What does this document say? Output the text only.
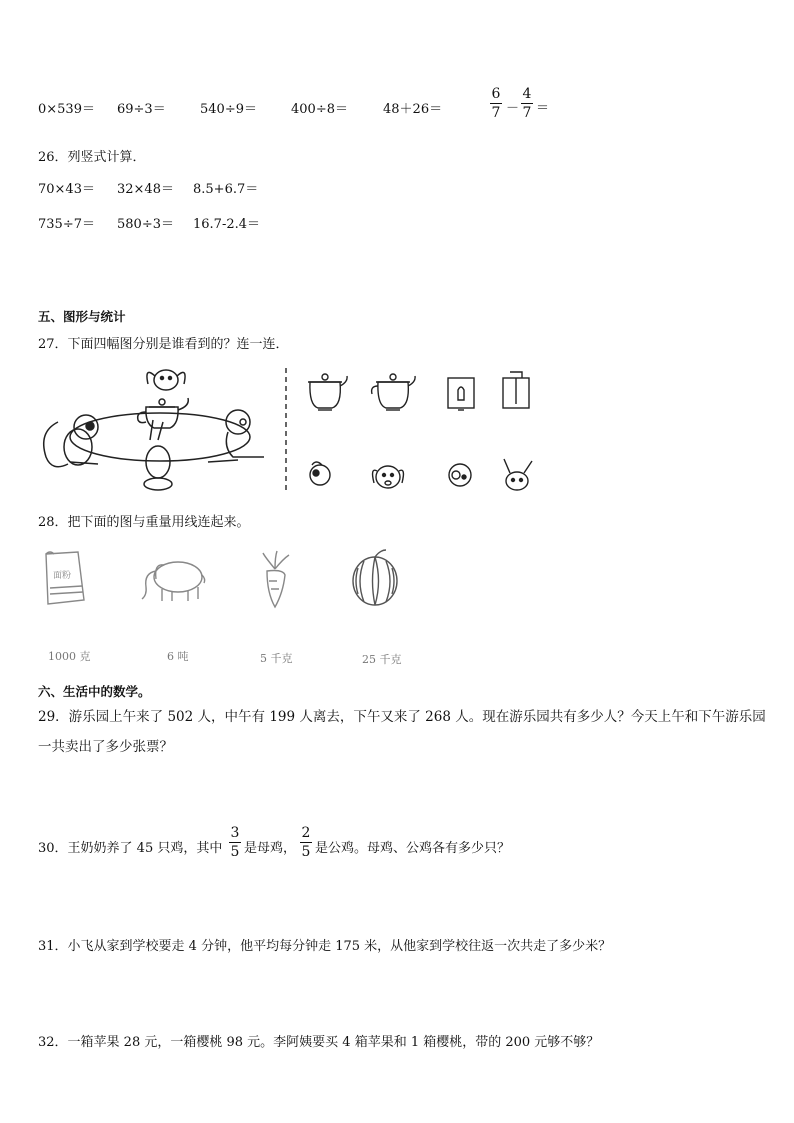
0×539＝ 69÷3＝	540÷9＝	400÷8＝	48＋26＝
6
7 －
4
7 ＝
26．列竖式计算．
70×43＝ 32×48＝ 8.5+6.7＝
735÷7＝ 580÷3＝ 16.7-2.4＝
五、图形与统计
27．下面四幅图分别是谁看到的？连一连．
28．把下面的图与重量用线连起来。
面粉
1000 克	6 吨	5 千克	25 千克
六、生活中的数学。
29．游乐园上午来了 502 人，中午有 199 人离去，下午又来了 268 人。现在游乐园共有多少人？今天上午和下午游乐园一共卖出了多少张票？
30．王奶奶养了 45 只鸡，其中
3
5 是母鸡，
2
5 是公鸡。母鸡、公鸡各有多少只？
31．小飞从家到学校要走 4 分钟，他平均每分钟走 175 米，从他家到学校往返一次共走了多少米？
32．一箱苹果 28 元，一箱樱桃 98 元。李阿姨要买 4 箱苹果和 1 箱樱桃，带的 200 元够不够？
